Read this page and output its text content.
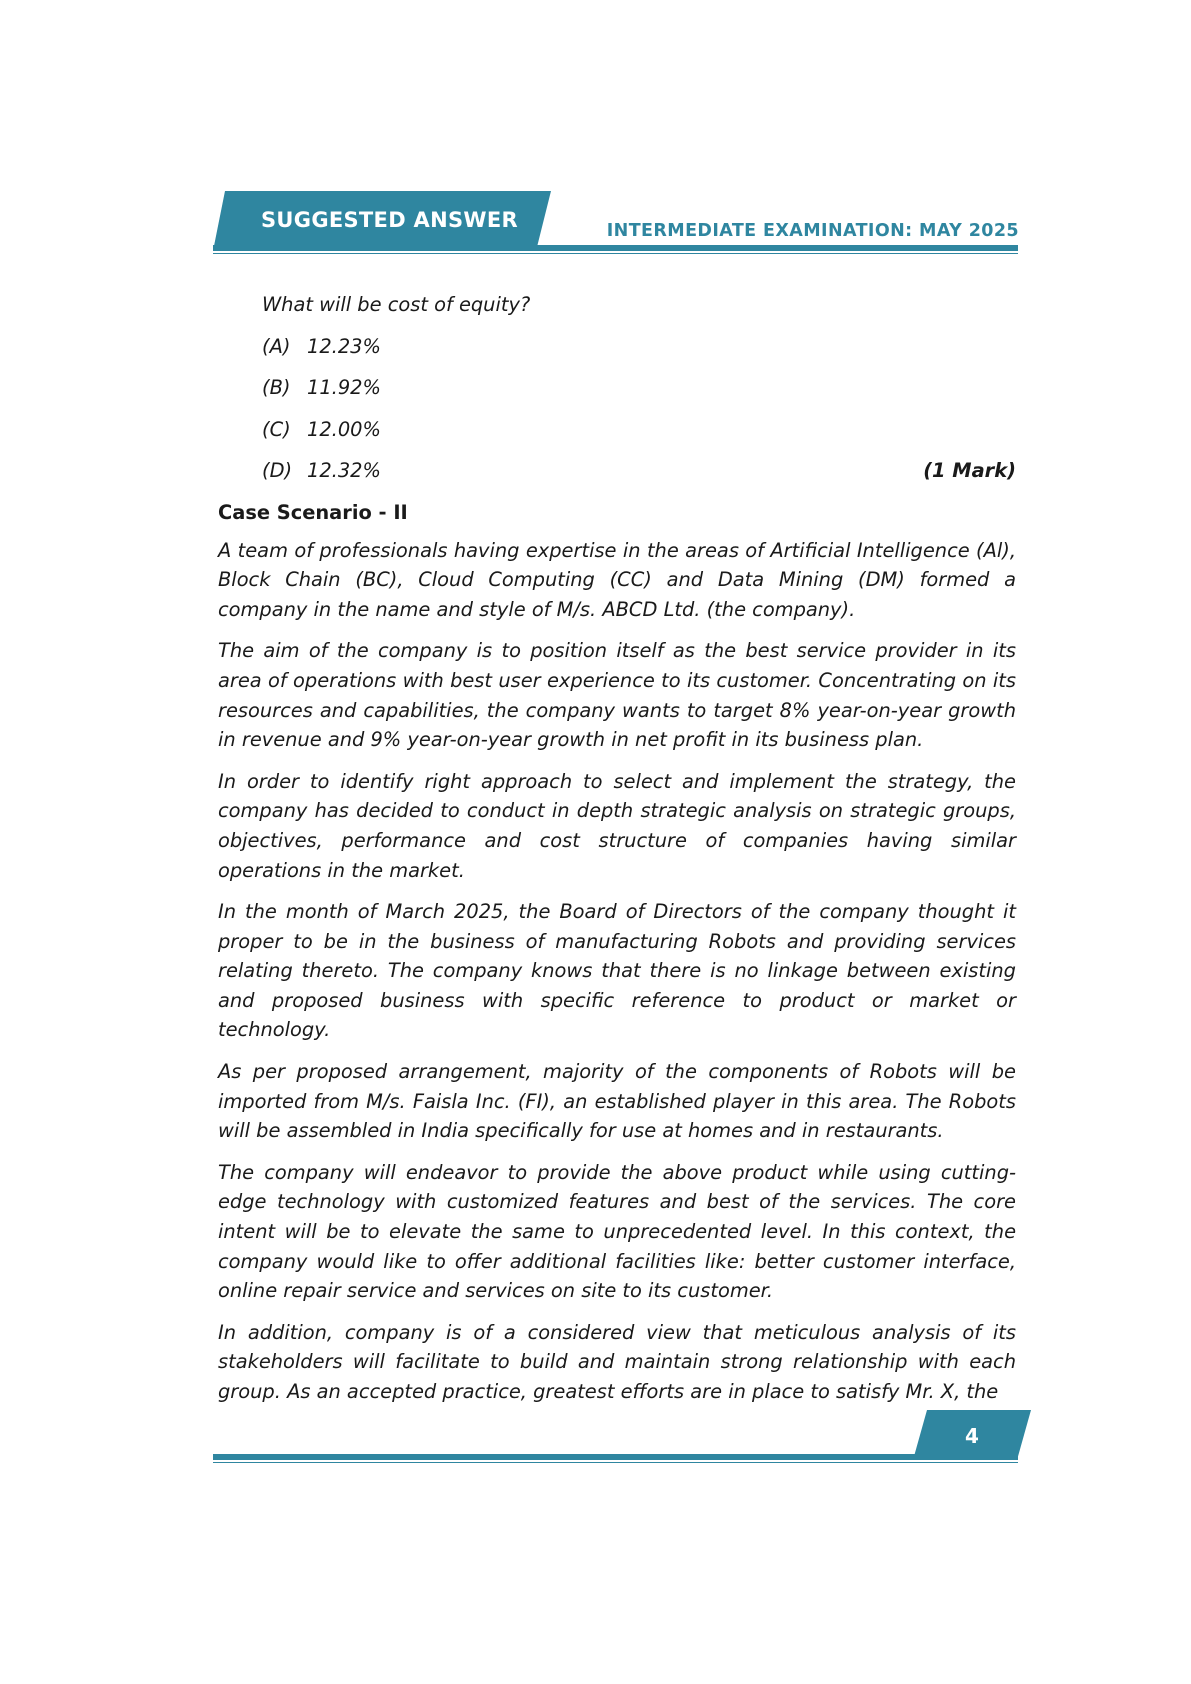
SUGGESTED ANSWER	INTERMEDIATE EXAMINATION: MAY 2025
What will be cost of equity?
(A) 12.23%
(B) 11.92%
(C) 12.00%
(D) 12.32%	(1 Mark)
Case Scenario - II

A team of professionals having expertise in the areas of Artificial Intelligence (Al), Block Chain (BC), Cloud Computing (CC) and Data Mining (DM) formed a company in the name and style of M/s. ABCD Ltd. (the company).

The aim of the company is to position itself as the best service provider in its area of operations with best user experience to its customer. Concentrating on its resources and capabilities, the company wants to target 8% year-on-year growth in revenue and 9% year-on-year growth in net profit in its business plan.

In order to identify right approach to select and implement the strategy, the company has decided to conduct in depth strategic analysis on strategic groups, objectives, performance and cost structure of companies having similar operations in the market.

In the month of March 2025, the Board of Directors of the company thought it proper to be in the business of manufacturing Robots and providing services relating thereto. The company knows that there is no linkage between existing and proposed business with specific reference to product or market or technology.

As per proposed arrangement, majority of the components of Robots will be imported from M/s. Faisla Inc. (FI), an established player in this area. The Robots will be assembled in India specifically for use at homes and in restaurants.

The company will endeavor to provide the above product while using cutting-edge technology with customized features and best of the services. The core intent will be to elevate the same to unprecedented level. In this context, the company would like to offer additional facilities like: better customer interface, online repair service and services on site to its customer.

In addition, company is of a considered view that meticulous analysis of its stakeholders will facilitate to build and maintain strong relationship with each group. As an accepted practice, greatest efforts are in place to satisfy Mr. X, the

4
